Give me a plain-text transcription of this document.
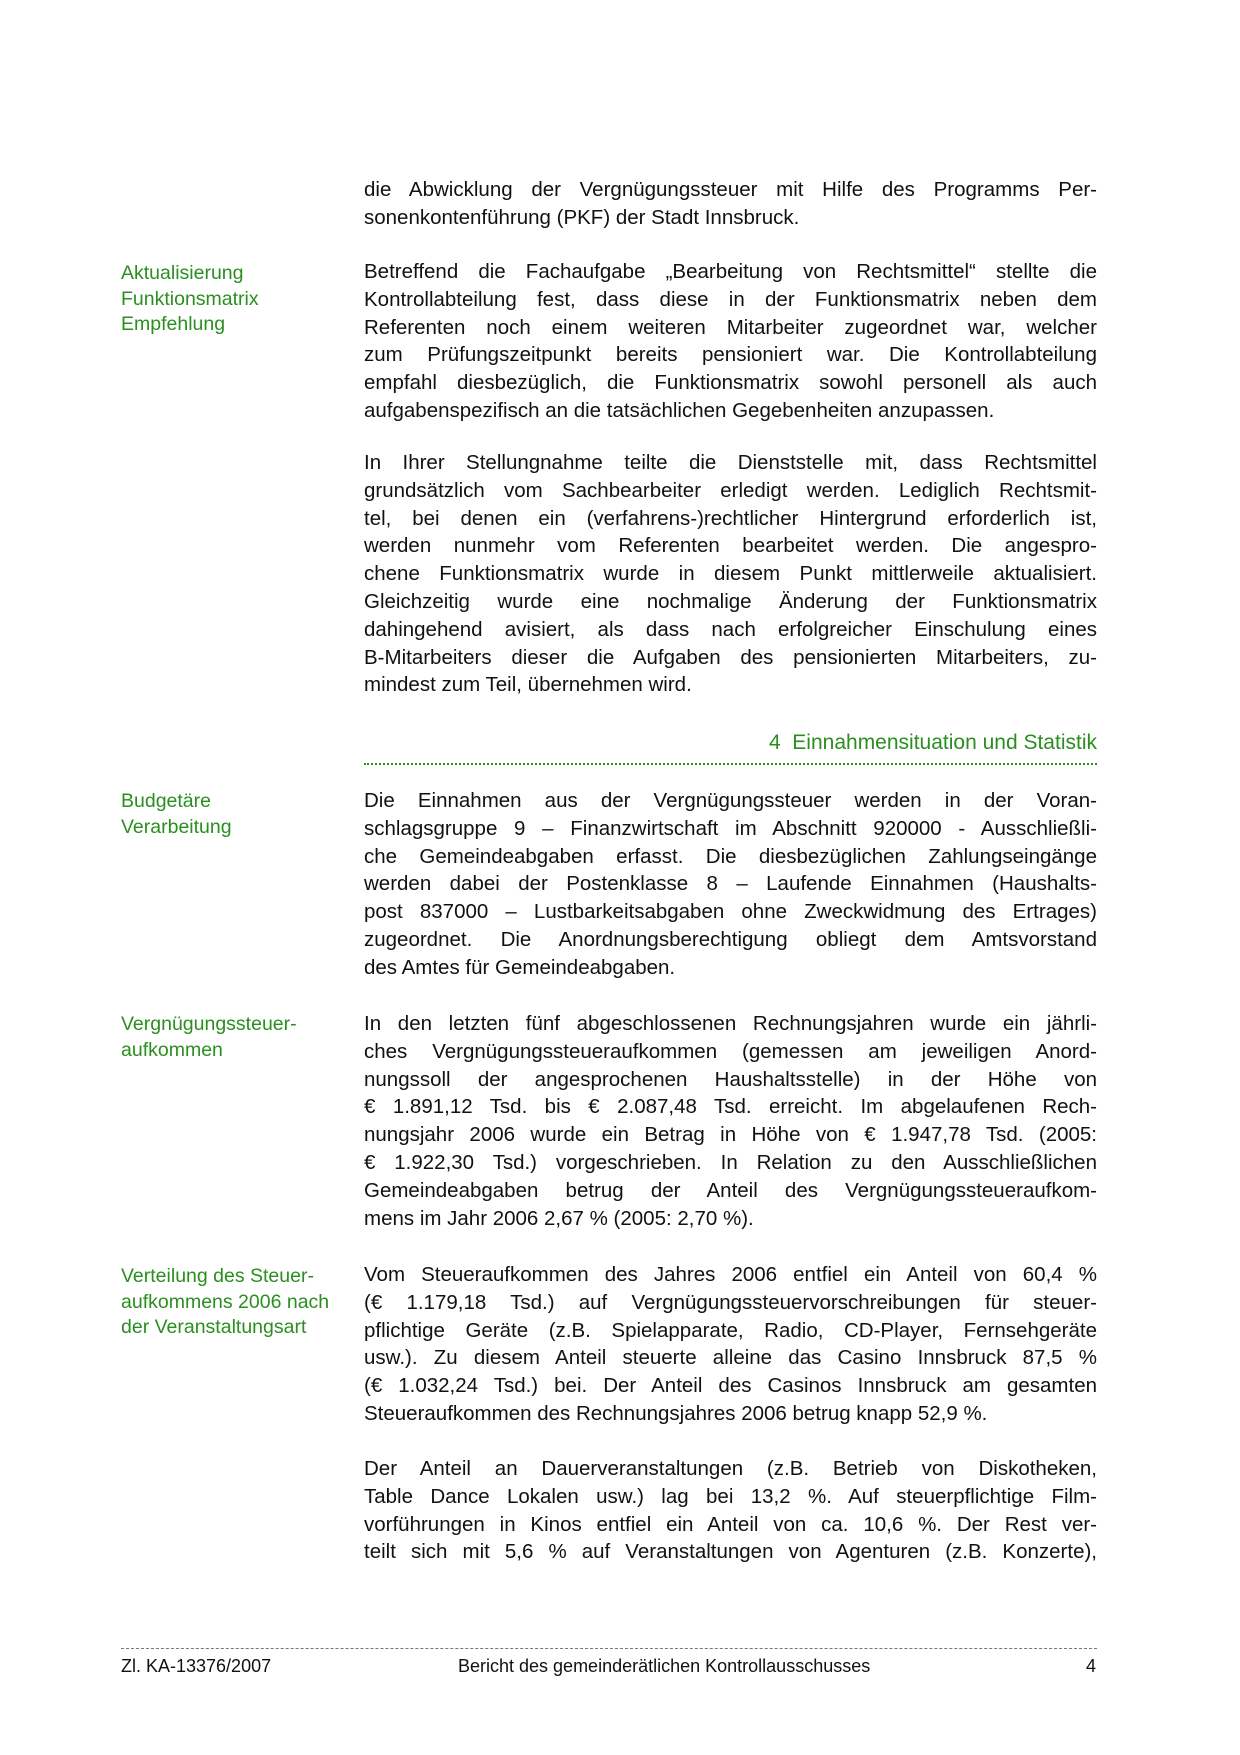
die Abwicklung der Vergnügungssteuer mit Hilfe des Programms Per-
sonenkontenführung (PKF) der Stadt Innsbruck.
Betreffend die Fachaufgabe „Bearbeitung von Rechtsmittel“ stellte die
Kontrollabteilung fest, dass diese in der Funktionsmatrix neben dem
Referenten noch einem weiteren Mitarbeiter zugeordnet war, welcher
zum Prüfungszeitpunkt bereits pensioniert war. Die Kontrollabteilung
empfahl diesbezüglich, die Funktionsmatrix sowohl personell als auch
aufgabenspezifisch an die tatsächlichen Gegebenheiten anzupassen.
In Ihrer Stellungnahme teilte die Dienststelle mit, dass Rechtsmittel
grundsätzlich vom Sachbearbeiter erledigt werden. Lediglich Rechtsmit-
tel, bei denen ein (verfahrens-)rechtlicher Hintergrund erforderlich ist,
werden nunmehr vom Referenten bearbeitet werden. Die angespro-
chene Funktionsmatrix wurde in diesem Punkt mittlerweile aktualisiert.
Gleichzeitig wurde eine nochmalige Änderung der Funktionsmatrix
dahingehend avisiert, als dass nach erfolgreicher Einschulung eines
B-Mitarbeiters dieser die Aufgaben des pensionierten Mitarbeiters, zu-
mindest zum Teil, übernehmen wird.
Die Einnahmen aus der Vergnügungssteuer werden in der Voran-
schlagsgruppe 9 – Finanzwirtschaft im Abschnitt 920000 - Ausschließli-
che Gemeindeabgaben erfasst. Die diesbezüglichen Zahlungseingänge
werden dabei der Postenklasse 8 – Laufende Einnahmen (Haushalts-
post 837000 – Lustbarkeitsabgaben ohne Zweckwidmung des Ertrages)
zugeordnet. Die Anordnungsberechtigung obliegt dem Amtsvorstand
des Amtes für Gemeindeabgaben.
In den letzten fünf abgeschlossenen Rechnungsjahren wurde ein jährli-
ches Vergnügungssteueraufkommen (gemessen am jeweiligen Anord-
nungssoll der angesprochenen Haushaltsstelle) in der Höhe von
€ 1.891,12 Tsd. bis € 2.087,48 Tsd. erreicht. Im abgelaufenen Rech-
nungsjahr 2006 wurde ein Betrag in Höhe von € 1.947,78 Tsd. (2005:
€ 1.922,30 Tsd.) vorgeschrieben. In Relation zu den Ausschließlichen
Gemeindeabgaben betrug der Anteil des Vergnügungssteueraufkom-
mens im Jahr 2006 2,67 % (2005: 2,70 %).
Vom Steueraufkommen des Jahres 2006 entfiel ein Anteil von 60,4 %
(€ 1.179,18 Tsd.) auf Vergnügungssteuervorschreibungen für steuer-
pflichtige Geräte (z.B. Spielapparate, Radio, CD-Player, Fernsehgeräte
usw.). Zu diesem Anteil steuerte alleine das Casino Innsbruck 87,5 %
(€ 1.032,24 Tsd.) bei. Der Anteil des Casinos Innsbruck am gesamten
Steueraufkommen des Rechnungsjahres 2006 betrug knapp 52,9 %.
Der Anteil an Dauerveranstaltungen (z.B. Betrieb von Diskotheken,
Table Dance Lokalen usw.) lag bei 13,2 %. Auf steuerpflichtige Film-
vorführungen in Kinos entfiel ein Anteil von ca. 10,6 %. Der Rest ver-
teilt sich mit 5,6 % auf Veranstaltungen von Agenturen (z.B. Konzerte),
Aktualisierung
Funktionsmatrix
Empfehlung
Budgetäre
Verarbeitung
Vergnügungssteuer-
aufkommen
Verteilung des Steuer-
aufkommens 2006 nach
der Veranstaltungsart
4  Einnahmensituation und Statistik
Zl. KA-13376/2007	Bericht des gemeinderätlichen Kontrollausschusses	4
